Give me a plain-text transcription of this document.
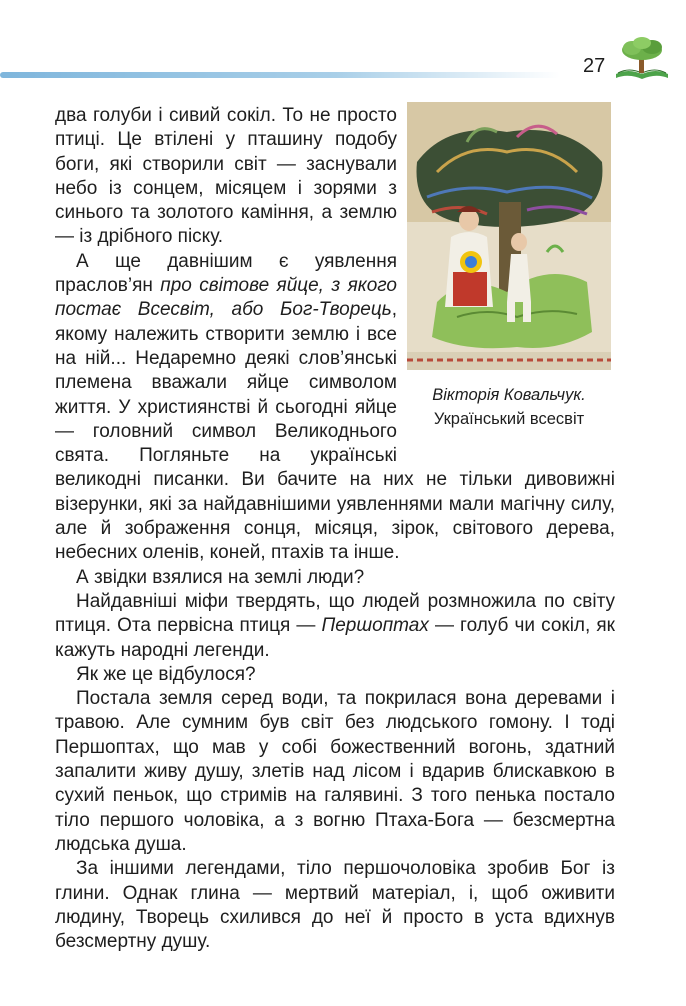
27
Вікторія Ковальчук.
Український всесвіт

два голуби і сивий сокіл. То не просто птиці. Це втілені у пташину подобу боги, які створили світ — заснували небо із сонцем, місяцем і зорями з синього та золотого каміння, а землю — із дрібного піску.

А ще давнішим є уявлення праслов’ян про світове яйце, з якого постає Всесвіт, або Бог-Творець, якому належить створити землю і все на ній... Недаремно деякі слов’янські племена вважали яйце символом життя. У християнстві й сьогодні яйце — головний символ Великоднього свята. Погляньте на українські великодні писанки. Ви бачите на них не тільки дивовижні візерунки, які за найдавнішими уявленнями мали магічну силу, але й зображення сонця, місяця, зірок, світового дерева, небесних оленів, коней, птахів та інше.

А звідки взялися на землі люди?

Найдавніші міфи твердять, що людей розмножила по світу птиця. Ота первісна птиця — Першоптах — голуб чи сокіл, як кажуть народні легенди.

Як же це відбулося?

Постала земля серед води, та покрилася вона деревами і травою. Але сумним був світ без людського гомону. І тоді Першоптах, що мав у собі божественний вогонь, здатний запалити живу душу, злетів над лісом і вдарив блискавкою в сухий пеньок, що стримів на галявині. З того пенька постало тіло першого чоловіка, а з вогню Птаха-Бога — безсмертна людська душа.

За іншими легендами, тіло першочоловіка зробив Бог із глини. Однак глина — мертвий матеріал, і, щоб оживити людину, Творець схилився до неї й просто в уста вдихнув безсмертну душу.
